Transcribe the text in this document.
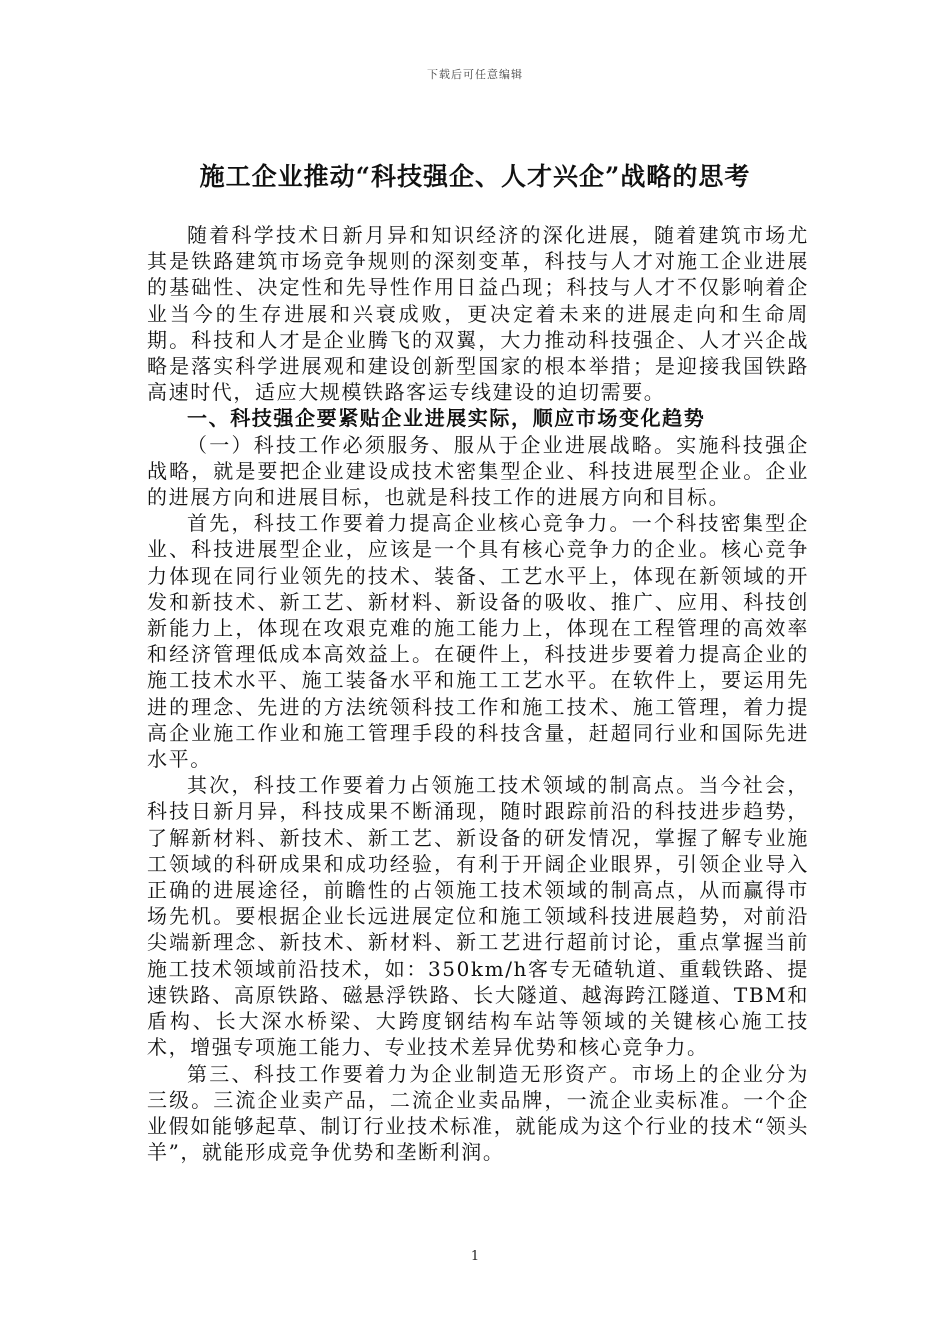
下载后可任意编辑
施工企业推动“科技强企、人才兴企”战略的思考

随着科学技术日新月异和知识经济的深化进展，随着建筑市场尤其是铁路建筑市场竞争规则的深刻变革，科技与人才对施工企业进展的基础性、决定性和先导性作用日益凸现；科技与人才不仅影响着企业当今的生存进展和兴衰成败，更决定着未来的进展走向和生命周期。科技和人才是企业腾飞的双翼，大力推动科技强企、人才兴企战略是落实科学进展观和建设创新型国家的根本举措；是迎接我国铁路高速时代，适应大规模铁路客运专线建设的迫切需要。

一、科技强企要紧贴企业进展实际，顺应市场变化趋势

（一）科技工作必须服务、服从于企业进展战略。实施科技强企战略，就是要把企业建设成技术密集型企业、科技进展型企业。企业的进展方向和进展目标，也就是科技工作的进展方向和目标。

首先，科技工作要着力提高企业核心竞争力。一个科技密集型企业、科技进展型企业，应该是一个具有核心竞争力的企业。核心竞争力体现在同行业领先的技术、装备、工艺水平上，体现在新领域的开发和新技术、新工艺、新材料、新设备的吸收、推广、应用、科技创新能力上，体现在攻艰克难的施工能力上，体现在工程管理的高效率和经济管理低成本高效益上。在硬件上，科技进步要着力提高企业的施工技术水平、施工装备水平和施工工艺水平。在软件上，要运用先进的理念、先进的方法统领科技工作和施工技术、施工管理，着力提高企业施工作业和施工管理手段的科技含量，赶超同行业和国际先进水平。

其次，科技工作要着力占领施工技术领域的制高点。当今社会，科技日新月异，科技成果不断涌现，随时跟踪前沿的科技进步趋势，了解新材料、新技术、新工艺、新设备的研发情况，掌握了解专业施工领域的科研成果和成功经验，有利于开阔企业眼界，引领企业导入正确的进展途径，前瞻性的占领施工技术领域的制高点，从而赢得市场先机。要根据企业长远进展定位和施工领域科技进展趋势，对前沿尖端新理念、新技术、新材料、新工艺进行超前讨论，重点掌握当前施工技术领域前沿技术，如：350km/h客专无碴轨道、重载铁路、提速铁路、高原铁路、磁悬浮铁路、长大隧道、越海跨江隧道、TBM和盾构、长大深水桥梁、大跨度钢结构车站等领域的关键核心施工技术，增强专项施工能力、专业技术差异优势和核心竞争力。

第三、科技工作要着力为企业制造无形资产。市场上的企业分为三级。三流企业卖产品，二流企业卖品牌，一流企业卖标准。一个企业假如能够起草、制订行业技术标准，就能成为这个行业的技术“领头羊”，就能形成竞争优势和垄断利润。

1
